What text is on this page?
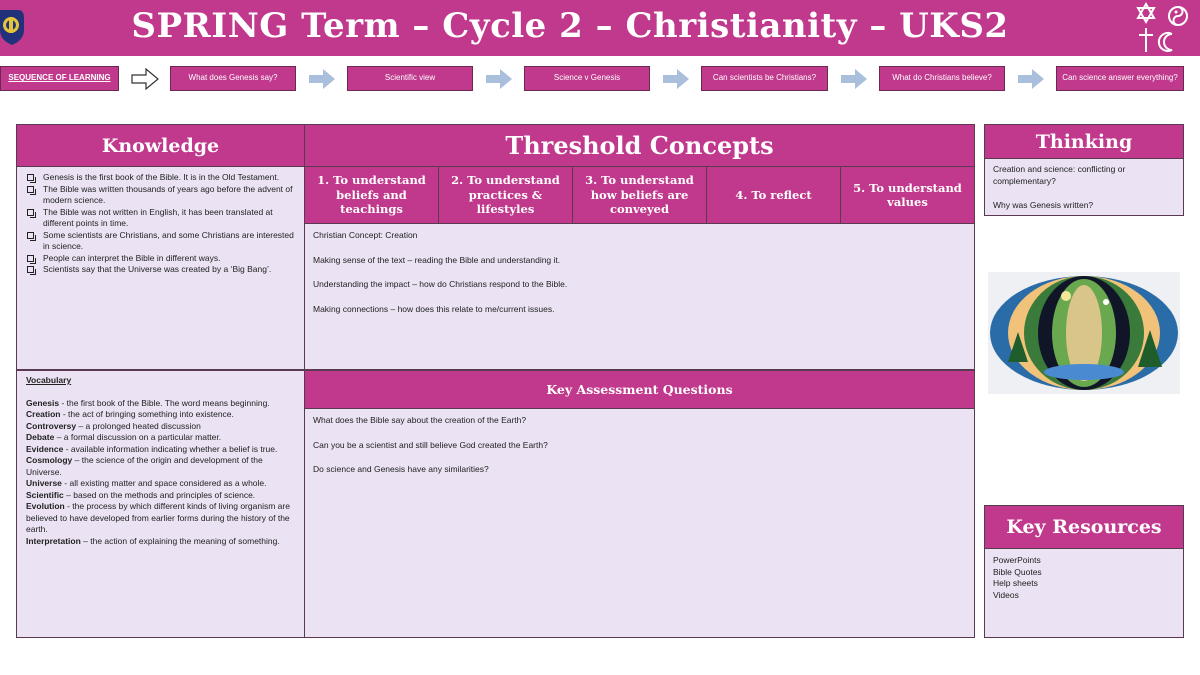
SPRING Term – Cycle 2 – Christianity – UKS2
SEQUENCE OF LEARNING	What does Genesis say?	Scientific view	Science v Genesis	Can scientists be Christians?	What do Christians believe?	Can science answer everything?
Knowledge
Genesis is the first book of the Bible. It is in the Old Testament.
The Bible was written thousands of years ago before the advent of modern science.
The Bible was not written in English, it has been translated at different points in time.
Some scientists are Christians, and some Christians are interested in science.
People can interpret the Bible in different ways.
Scientists say that the Universe was created by a ‘Big Bang’.

Vocabulary

Genesis - the first book of the Bible. The word means beginning.

Creation - the act of bringing something into existence.

Controversy – a prolonged heated discussion

Debate – a formal discussion on a particular matter.

Evidence - available information indicating whether a belief is true.

Cosmology – the science of the origin and development of the Universe.

Universe - all existing matter and space considered as a whole.

Scientific – based on the methods and principles of science.

Evolution - the process by which different kinds of living organism are believed to have developed from earlier forms during the history of the earth.

Interpretation – the action of explaining the meaning of something.

Threshold Concepts
1. To understand beliefs and teachings
2. To understand practices & lifestyles
3. To understand how beliefs are conveyed
4. To reflect
5. To understand values

Christian Concept: Creation

Making sense of the text – reading the Bible and understanding it.

Understanding the impact – how do Christians respond to the Bible.

Making connections – how does this relate to me/current issues.

Key Assessment Questions

What does the Bible say about the creation of the Earth?

Can you be a scientist and still believe God created the Earth?

Do science and Genesis have any similarities?

Thinking

Creation and science: conflicting or complementary?

Why was Genesis written?

Key Resources

PowerPoints

Bible Quotes

Help sheets

Videos
